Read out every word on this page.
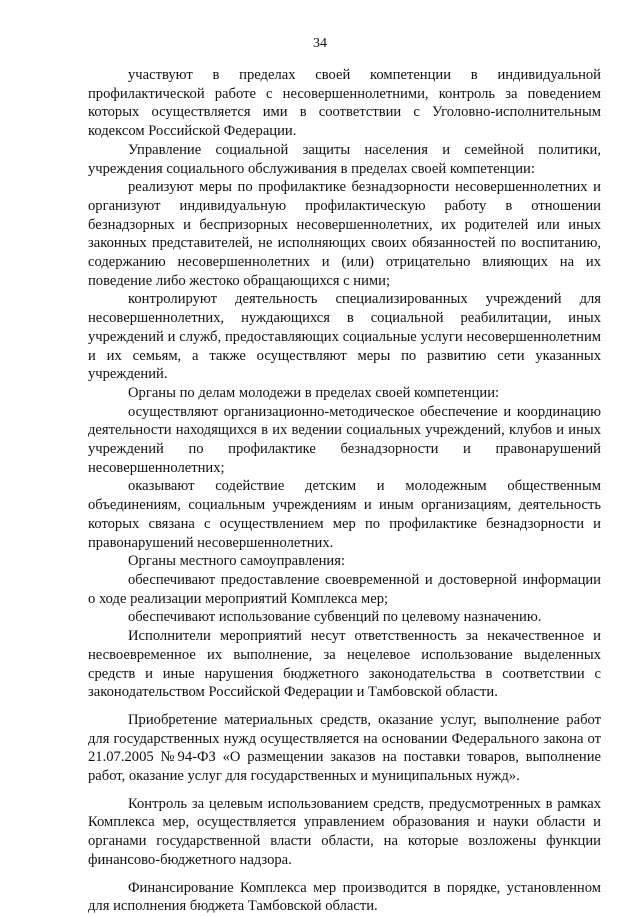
34

участвуют в пределах своей компетенции в индивидуальной профилактической работе с несовершеннолетними, контроль за поведением которых осуществляется ими в соответствии с Уголовно-исполнительным кодексом Российской Федерации.

Управление социальной защиты населения и семейной политики, учреждения социального обслуживания в пределах своей компетенции:

реализуют меры по профилактике безнадзорности несовершеннолетних и организуют индивидуальную профилактическую работу в отношении безнадзорных и беспризорных несовершеннолетних, их родителей или иных законных представителей, не исполняющих своих обязанностей по воспитанию, содержанию несовершеннолетних и (или) отрицательно влияющих на их поведение либо жестоко обращающихся с ними;

контролируют деятельность специализированных учреждений для несовершеннолетних, нуждающихся в социальной реабилитации, иных учреждений и служб, предоставляющих социальные услуги несовершеннолетним и их семьям, а также осуществляют меры по развитию сети указанных учреждений.

Органы по делам молодежи в пределах своей компетенции:

осуществляют организационно-методическое обеспечение и координацию деятельности находящихся в их ведении социальных учреждений, клубов и иных учреждений по профилактике безнадзорности и правонарушений несовершеннолетних;

оказывают содействие детским и молодежным общественным объединениям, социальным учреждениям и иным организациям, деятельность которых связана с осуществлением мер по профилактике безнадзорности и правонарушений несовершеннолетних.

Органы местного самоуправления:

обеспечивают предоставление своевременной и достоверной информации о ходе реализации мероприятий Комплекса мер;

обеспечивают использование субвенций по целевому назначению.

Исполнители мероприятий несут ответственность за некачественное и несвоевременное их выполнение, за нецелевое использование выделенных средств и иные нарушения бюджетного законодательства в соответствии с законодательством Российской Федерации и Тамбовской области.

Приобретение материальных средств, оказание услуг, выполнение работ для государственных нужд осуществляется на основании Федерального закона от 21.07.2005 №94-ФЗ «О размещении заказов на поставки товаров, выполнение работ, оказание услуг для государственных и муниципальных нужд».

Контроль за целевым использованием средств, предусмотренных в рамках Комплекса мер, осуществляется управлением образования и науки области и органами государственной власти области, на которые возложены функции финансово-бюджетного надзора.

Финансирование Комплекса мер производится в порядке, установленном для исполнения бюджета Тамбовской области.
